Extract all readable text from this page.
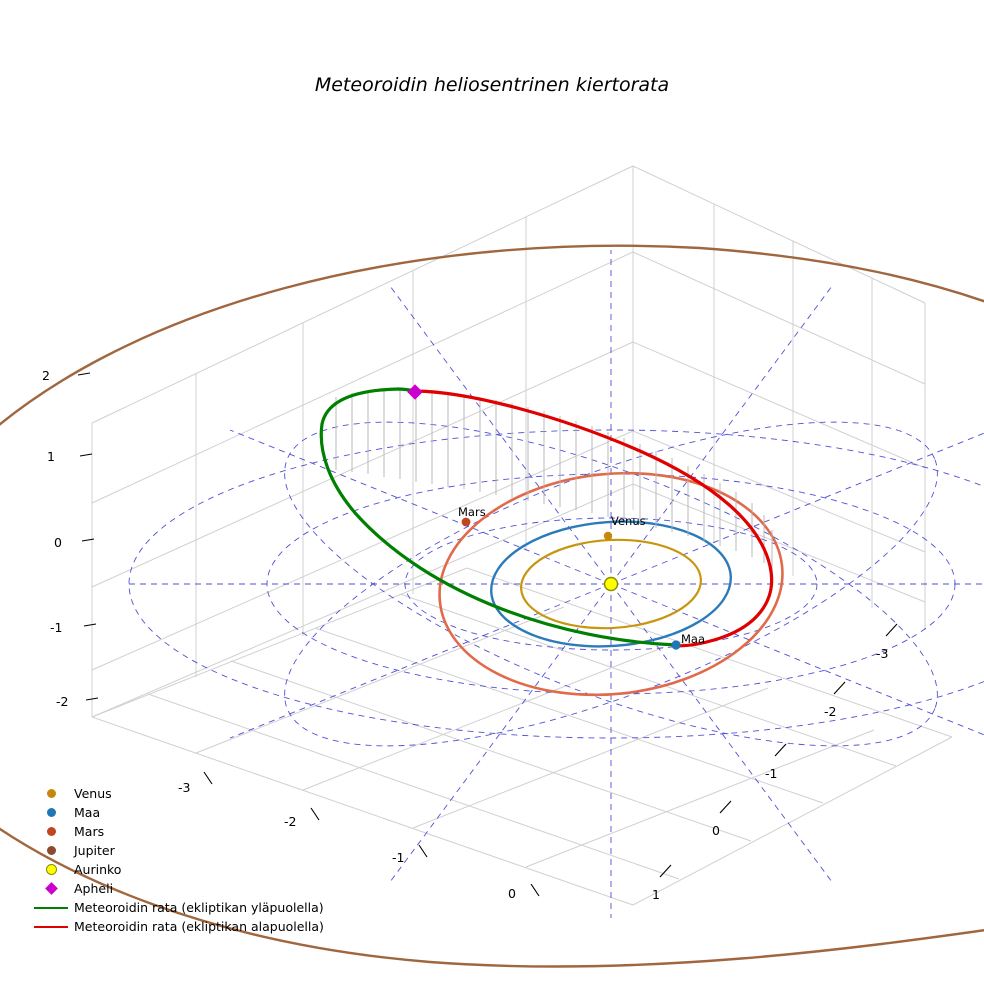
Meteoroidin heliosentrinen kiertorata
2
1
0
-1
-2
-3
-2
-1
0
-3
-2
-1
0
1
Mars
Venus
Maa
Venus
Maa
Mars
Jupiter
Aurinko
Apheli
Meteoroidin rata (ekliptikan yläpuolella)
Meteoroidin rata (ekliptikan alapuolella)
